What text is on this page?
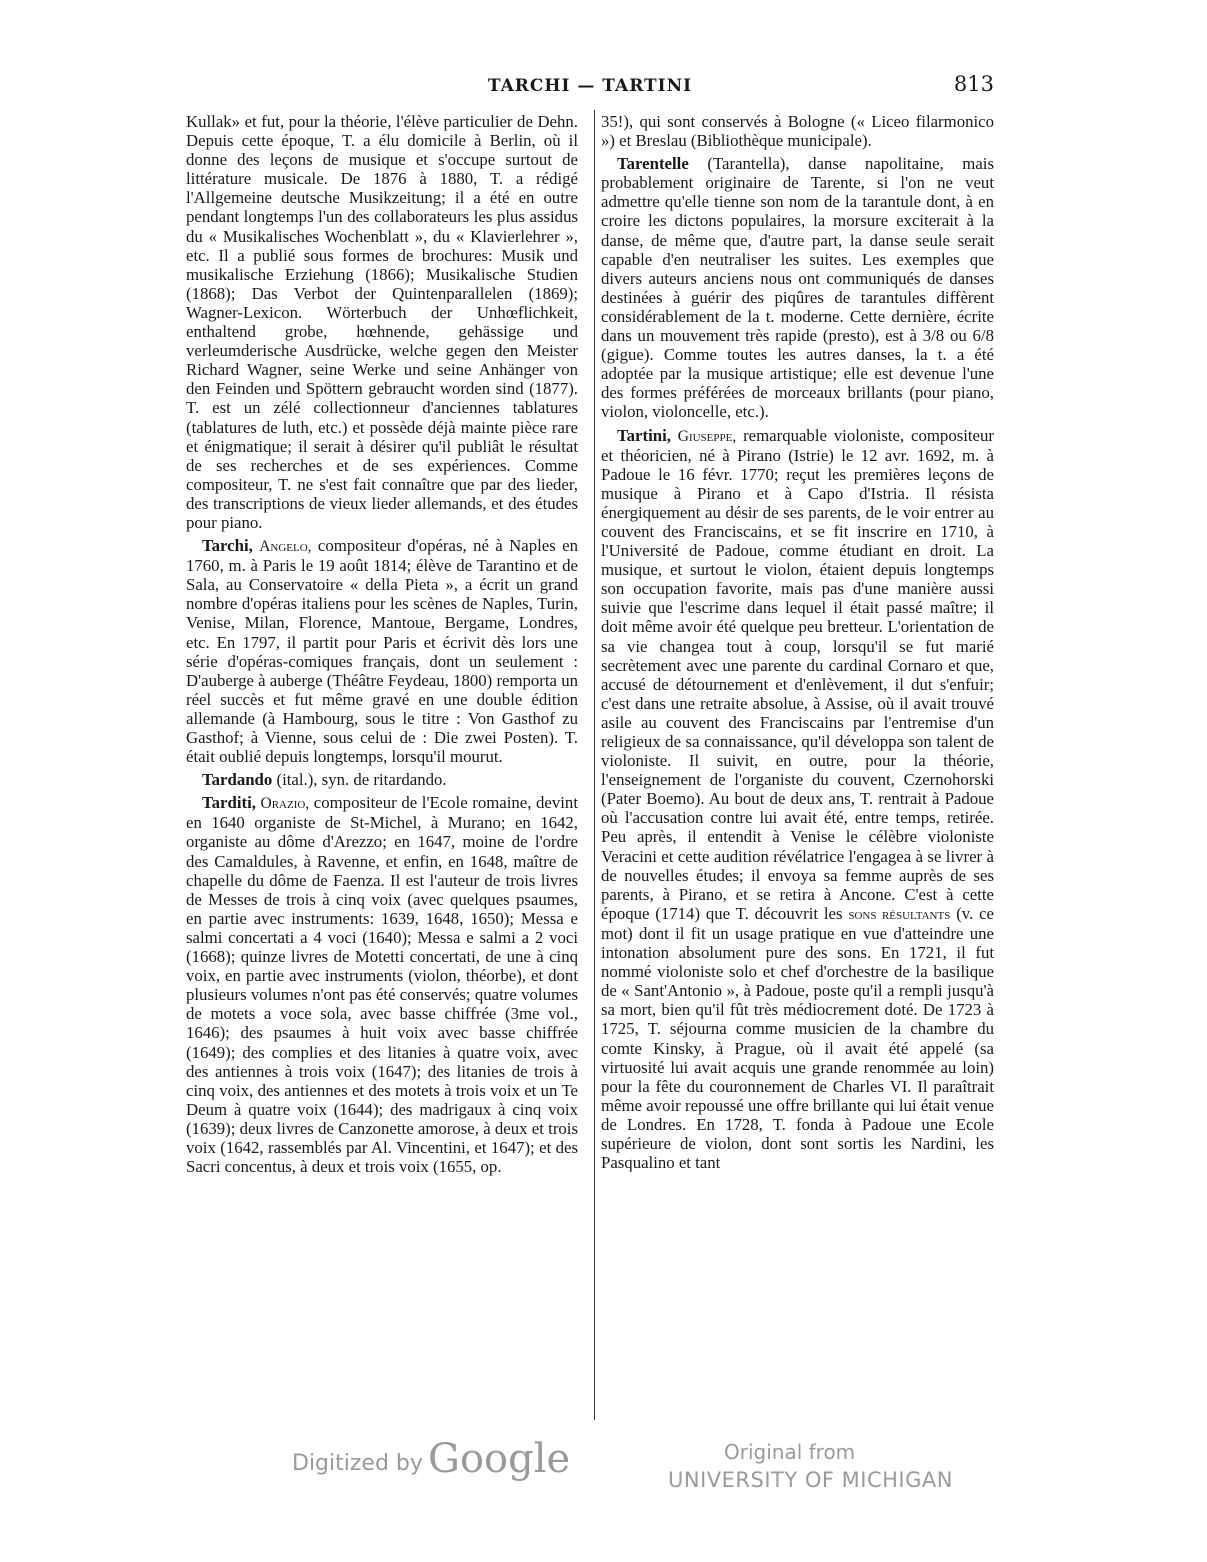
TARCHI — TARTINI	813

Kullak» et fut, pour la théorie, l'élève particulier de Dehn. Depuis cette époque, T. a élu domicile à Berlin, où il donne des leçons de musique et s'occupe surtout de littérature musicale. De 1876 à 1880, T. a rédigé l'Allgemeine deutsche Musikzeitung; il a été en outre pendant longtemps l'un des collaborateurs les plus assidus du « Musikalisches Wochenblatt », du « Klavierlehrer », etc. Il a publié sous formes de brochures: Musik und musikalische Erziehung (1866); Musikalische Studien (1868); Das Verbot der Quintenparallelen (1869); Wagner-Lexicon. Wörterbuch der Unhœflichkeit, enthaltend grobe, hœhnende, gehässige und verleumderische Ausdrücke, welche gegen den Meister Richard Wagner, seine Werke und seine Anhänger von den Feinden und Spöttern gebraucht worden sind (1877). T. est un zélé collectionneur d'anciennes tablatures (tablatures de luth, etc.) et possède déjà mainte pièce rare et énigmatique; il serait à désirer qu'il publiât le résultat de ses recherches et de ses expériences. Comme compositeur, T. ne s'est fait connaître que par des lieder, des transcriptions de vieux lieder allemands, et des études pour piano.

Tarchi, Angelo, compositeur d'opéras, né à Naples en 1760, m. à Paris le 19 août 1814; élève de Tarantino et de Sala, au Conservatoire « della Pieta », a écrit un grand nombre d'opéras italiens pour les scènes de Naples, Turin, Venise, Milan, Florence, Mantoue, Bergame, Londres, etc. En 1797, il partit pour Paris et écrivit dès lors une série d'opéras-comiques français, dont un seulement : D'auberge à auberge (Théâtre Feydeau, 1800) remporta un réel succès et fut même gravé en une double édition allemande (à Hambourg, sous le titre : Von Gasthof zu Gasthof; à Vienne, sous celui de : Die zwei Posten). T. était oublié depuis longtemps, lorsqu'il mourut.

Tardando (ital.), syn. de ritardando.

Tarditi, Orazio, compositeur de l'Ecole romaine, devint en 1640 organiste de St-Michel, à Murano; en 1642, organiste au dôme d'Arezzo; en 1647, moine de l'ordre des Camaldules, à Ravenne, et enfin, en 1648, maître de chapelle du dôme de Faenza. Il est l'auteur de trois livres de Messes de trois à cinq voix (avec quelques psaumes, en partie avec instruments: 1639, 1648, 1650); Messa e salmi concertati a 4 voci (1640); Messa e salmi a 2 voci (1668); quinze livres de Motetti concertati, de une à cinq voix, en partie avec instruments (violon, théorbe), et dont plusieurs volumes n'ont pas été conservés; quatre volumes de motets a voce sola, avec basse chiffrée (3me vol., 1646); des psaumes à huit voix avec basse chiffrée (1649); des complies et des litanies à quatre voix, avec des antiennes à trois voix (1647); des litanies de trois à cinq voix, des antiennes et des motets à trois voix et un Te Deum à quatre voix (1644); des madrigaux à cinq voix (1639); deux livres de Canzonette amorose, à deux et trois voix (1642, rassemblés par Al. Vincentini, et 1647); et des Sacri concentus, à deux et trois voix (1655, op.

35!), qui sont conservés à Bologne (« Liceo filarmonico ») et Breslau (Bibliothèque municipale).

Tarentelle (Tarantella), danse napolitaine, mais probablement originaire de Tarente, si l'on ne veut admettre qu'elle tienne son nom de la tarantule dont, à en croire les dictons populaires, la morsure exciterait à la danse, de même que, d'autre part, la danse seule serait capable d'en neutraliser les suites. Les exemples que divers auteurs anciens nous ont communiqués de danses destinées à guérir des piqûres de tarantules diffèrent considérablement de la t. moderne. Cette dernière, écrite dans un mouvement très rapide (presto), est à 3/8 ou 6/8 (gigue). Comme toutes les autres danses, la t. a été adoptée par la musique artistique; elle est devenue l'une des formes préférées de morceaux brillants (pour piano, violon, violoncelle, etc.).

Tartini, Giuseppe, remarquable violoniste, compositeur et théoricien, né à Pirano (Istrie) le 12 avr. 1692, m. à Padoue le 16 févr. 1770; reçut les premières leçons de musique à Pirano et à Capo d'Istria. Il résista énergiquement au désir de ses parents, de le voir entrer au couvent des Franciscains, et se fit inscrire en 1710, à l'Université de Padoue, comme étudiant en droit. La musique, et surtout le violon, étaient depuis longtemps son occupation favorite, mais pas d'une manière aussi suivie que l'escrime dans lequel il était passé maître; il doit même avoir été quelque peu bretteur. L'orientation de sa vie changea tout à coup, lorsqu'il se fut marié secrètement avec une parente du cardinal Cornaro et que, accusé de détournement et d'enlèvement, il dut s'enfuir; c'est dans une retraite absolue, à Assise, où il avait trouvé asile au couvent des Franciscains par l'entremise d'un religieux de sa connaissance, qu'il développa son talent de violoniste. Il suivit, en outre, pour la théorie, l'enseignement de l'organiste du couvent, Czernohorski (Pater Boemo). Au bout de deux ans, T. rentrait à Padoue où l'accusation contre lui avait été, entre temps, retirée. Peu après, il entendit à Venise le célèbre violoniste Veracini et cette audition révélatrice l'engagea à se livrer à de nouvelles études; il envoya sa femme auprès de ses parents, à Pirano, et se retira à Ancone. C'est à cette époque (1714) que T. découvrit les sons résultants (v. ce mot) dont il fit un usage pratique en vue d'atteindre une intonation absolument pure des sons. En 1721, il fut nommé violoniste solo et chef d'orchestre de la basilique de « Sant'Antonio », à Padoue, poste qu'il a rempli jusqu'à sa mort, bien qu'il fût très médiocrement doté. De 1723 à 1725, T. séjourna comme musicien de la chambre du comte Kinsky, à Prague, où il avait été appelé (sa virtuosité lui avait acquis une grande renommée au loin) pour la fête du couronnement de Charles VI. Il paraîtrait même avoir repoussé une offre brillante qui lui était venue de Londres. En 1728, T. fonda à Padoue une Ecole supérieure de violon, dont sont sortis les Nardini, les Pasqualino et tant

Digitized by Google	Original from
UNIVERSITY OF MICHIGAN
